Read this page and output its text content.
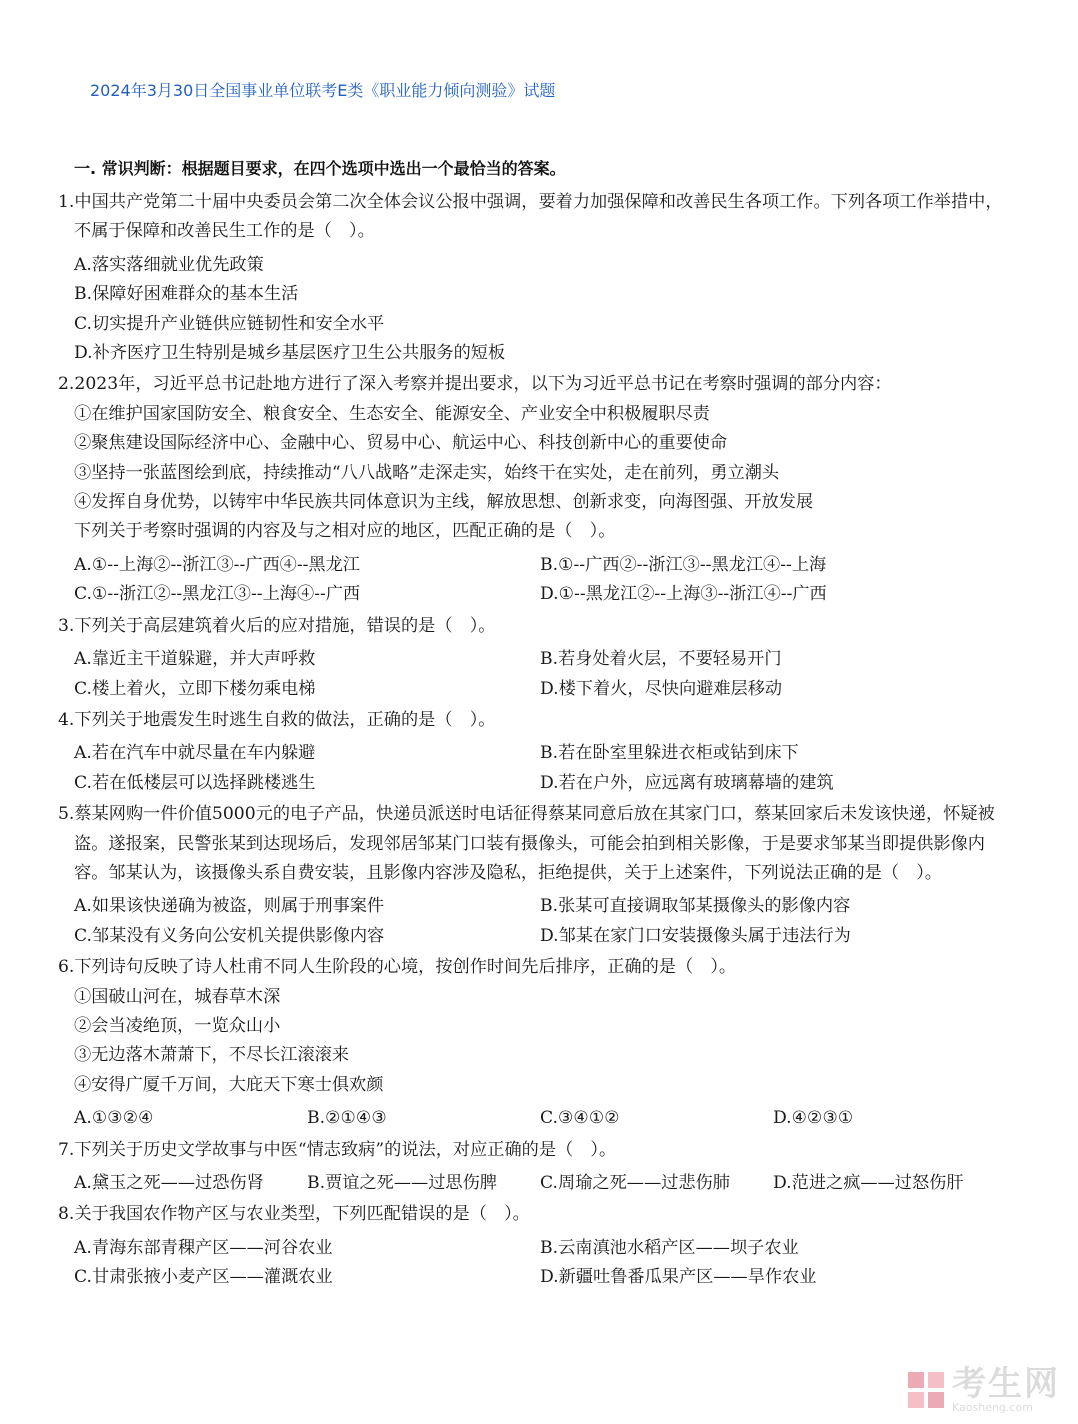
2024年3月30日全国事业单位联考E类《职业能力倾向测验》试题
一. 常识判断：根据题目要求，在四个选项中选出一个最恰当的答案。

1.中国共产党第二十届中央委员会第二次全体会议公报中强调，要着力加强保障和改善民生各项工作。下列各项工作举措中，不属于保障和改善民生工作的是（　）。

A.落实落细就业优先政策
B.保障好困难群众的基本生活
C.切实提升产业链供应链韧性和安全水平
D.补齐医疗卫生特别是城乡基层医疗卫生公共服务的短板

2.2023年，习近平总书记赴地方进行了深入考察并提出要求，以下为习近平总书记在考察时强调的部分内容：

①在维护国家国防安全、粮食安全、生态安全、能源安全、产业安全中积极履职尽责

②聚焦建设国际经济中心、金融中心、贸易中心、航运中心、科技创新中心的重要使命

③坚持一张蓝图绘到底，持续推动“八八战略”走深走实，始终干在实处，走在前列，勇立潮头

④发挥自身优势，以铸牢中华民族共同体意识为主线，解放思想、创新求变，向海图强、开放发展

下列关于考察时强调的内容及与之相对应的地区，匹配正确的是（　）。

A.①--上海②--浙江③--广西④--黑龙江	B.①--广西②--浙江③--黑龙江④--上海
C.①--浙江②--黑龙江③--上海④--广西	D.①--黑龙江②--上海③--浙江④--广西

3.下列关于高层建筑着火后的应对措施，错误的是（　）。

A.靠近主干道躲避，并大声呼救	B.若身处着火层，不要轻易开门
C.楼上着火，立即下楼勿乘电梯	D.楼下着火，尽快向避难层移动

4.下列关于地震发生时逃生自救的做法，正确的是（　）。

A.若在汽车中就尽量在车内躲避	B.若在卧室里躲进衣柜或钻到床下
C.若在低楼层可以选择跳楼逃生	D.若在户外，应远离有玻璃幕墙的建筑

5.蔡某网购一件价值5000元的电子产品，快递员派送时电话征得蔡某同意后放在其家门口，蔡某回家后未发该快递，怀疑被盗。遂报案，民警张某到达现场后，发现邻居邹某门口装有摄像头，可能会拍到相关影像，于是要求邹某当即提供影像内容。邹某认为，该摄像头系自费安装，且影像内容涉及隐私，拒绝提供，关于上述案件，下列说法正确的是（　）。

A.如果该快递确为被盗，则属于刑事案件	B.张某可直接调取邹某摄像头的影像内容
C.邹某没有义务向公安机关提供影像内容	D.邹某在家门口安装摄像头属于违法行为

6.下列诗句反映了诗人杜甫不同人生阶段的心境，按创作时间先后排序，正确的是（　）。

①国破山河在，城春草木深

②会当凌绝顶，一览众山小

③无边落木萧萧下，不尽长江滚滚来

④安得广厦千万间，大庇天下寒士俱欢颜

A.①③②④	B.②①④③	C.③④①②	D.④②③①

7.下列关于历史文学故事与中医“情志致病”的说法，对应正确的是（　）。

A.黛玉之死——过恐伤肾	B.贾谊之死——过思伤脾	C.周瑜之死——过悲伤肺	D.范进之疯——过怒伤肝

8.关于我国农作物产区与农业类型，下列匹配错误的是（　）。

A.青海东部青稞产区——河谷农业	B.云南滇池水稻产区——坝子农业
C.甘肃张掖小麦产区——灌溉农业	D.新疆吐鲁番瓜果产区——旱作农业
考生网
Kaosheng.com
